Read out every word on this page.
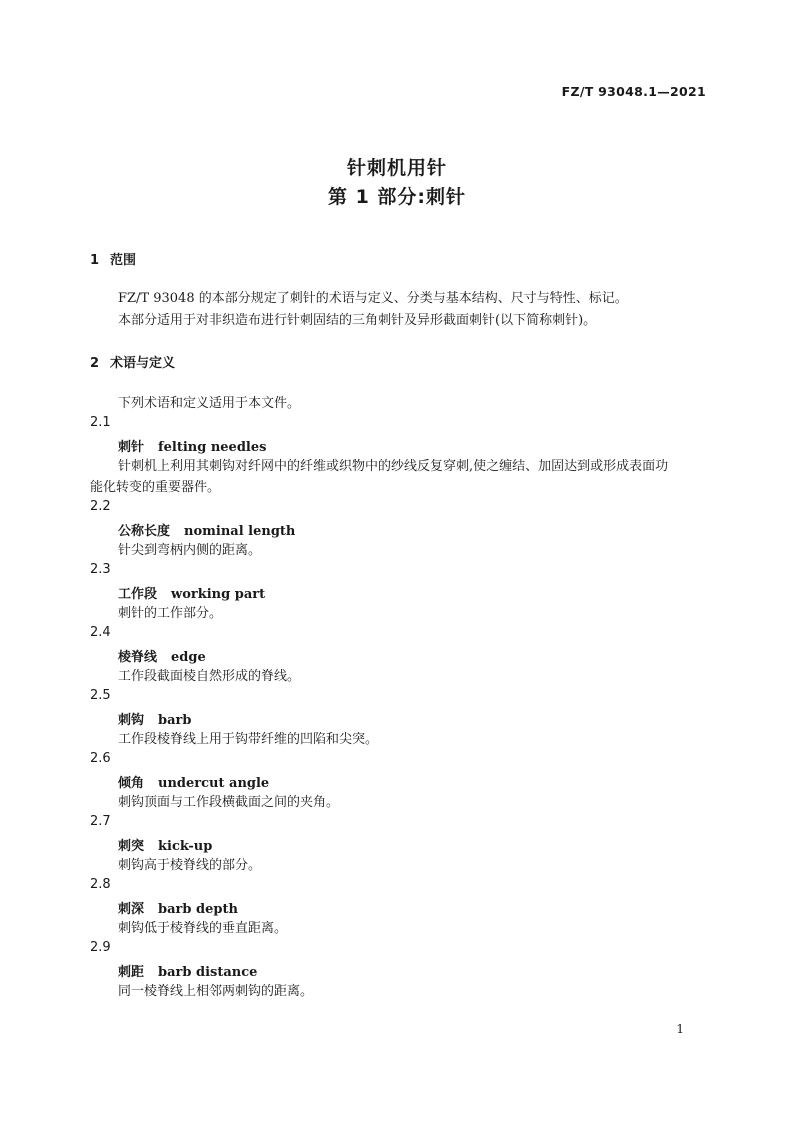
FZ/T 93048.1—2021
针刺机用针
第 1 部分:刺针
1 范围
FZ/T 93048 的本部分规定了刺针的术语与定义、分类与基本结构、尺寸与特性、标记。
本部分适用于对非织造布进行针刺固结的三角刺针及异形截面刺针(以下简称刺针)。
2 术语与定义
下列术语和定义适用于本文件。
2.1
刺针 felting needles
针刺机上利用其刺钩对纤网中的纤维或织物中的纱线反复穿刺,使之缠结、加固达到或形成表面功
能化转变的重要器件。
2.2
公称长度 nominal length
针尖到弯柄内侧的距离。
2.3
工作段 working part
刺针的工作部分。
2.4
棱脊线 edge
工作段截面棱自然形成的脊线。
2.5
刺钩 barb
工作段棱脊线上用于钩带纤维的凹陷和尖突。
2.6
倾角 undercut angle
刺钩顶面与工作段横截面之间的夹角。
2.7
刺突 kick-up
刺钩高于棱脊线的部分。
2.8
刺深 barb depth
刺钩低于棱脊线的垂直距离。
2.9
刺距 barb distance
同一棱脊线上相邻两刺钩的距离。
1
